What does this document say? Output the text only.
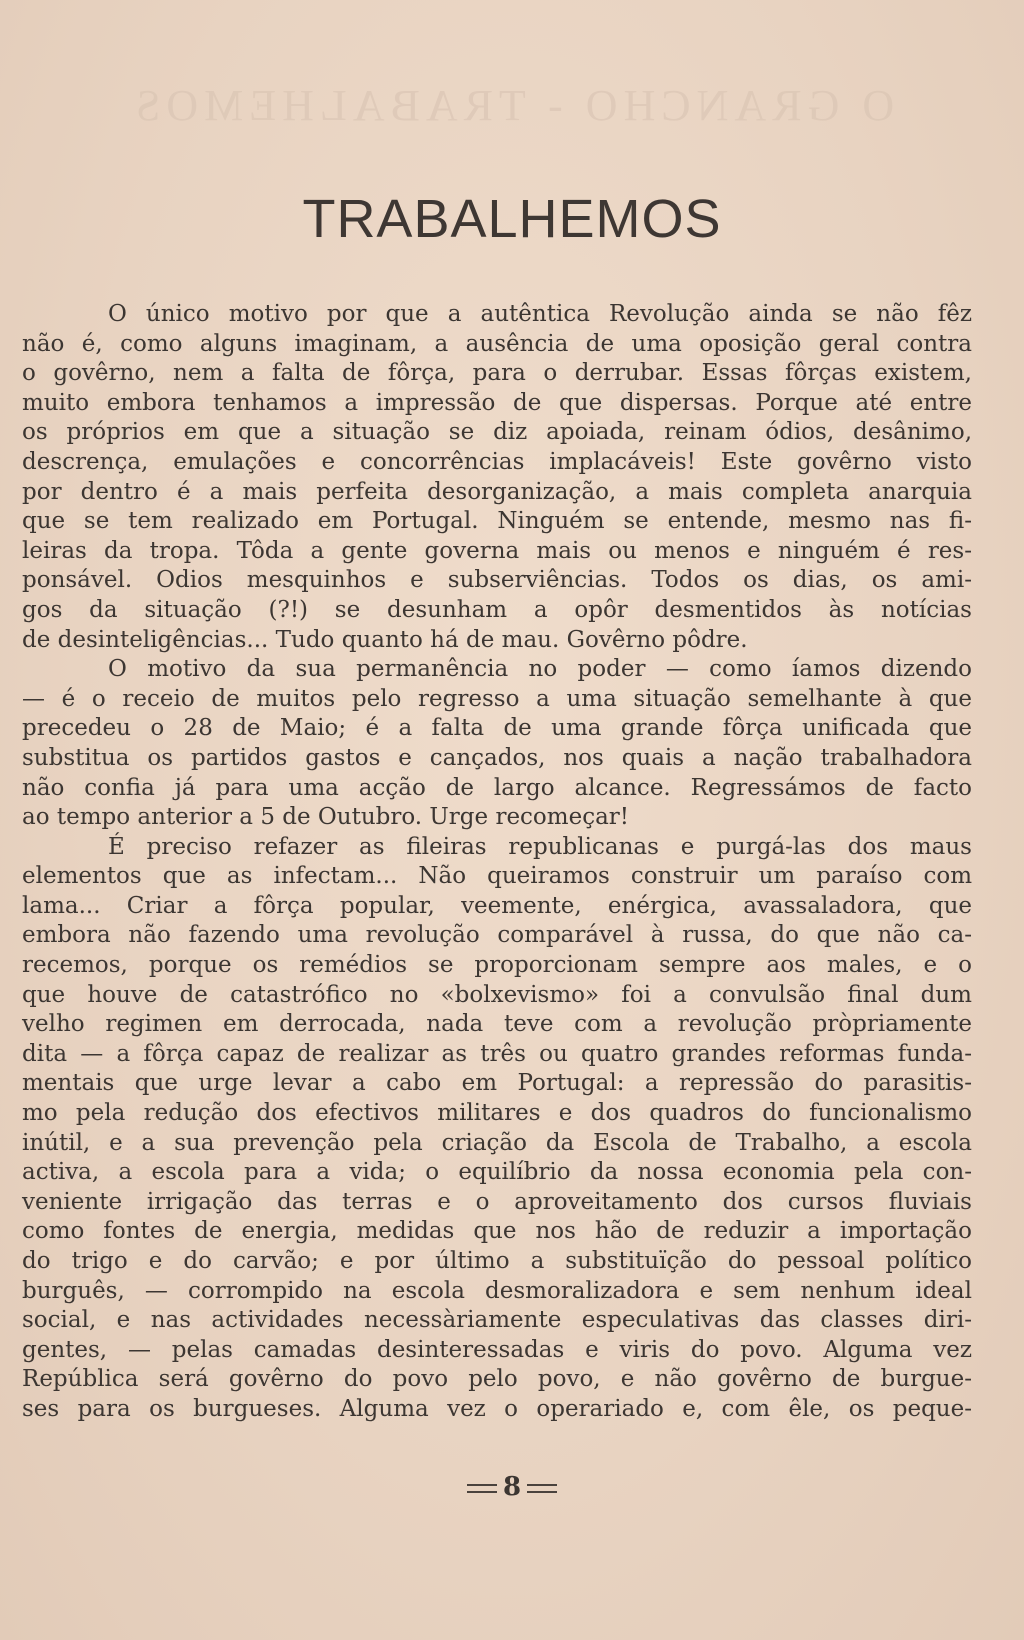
O GRANCHO - TRABALHEMOS
TRABALHEMOS
O único motivo por que a autêntica Revolução ainda se não fêz
não é, como alguns imaginam, a ausência de uma oposição geral contra
o govêrno, nem a falta de fôrça, para o derrubar. Essas fôrças existem,
muito embora tenhamos a impressão de que dispersas. Porque até entre
os próprios em que a situação se diz apoiada, reinam ódios, desânimo,
descrença, emulações e concorrências implacáveis! Este govêrno visto
por dentro é a mais perfeita desorganização, a mais completa anarquia
que se tem realizado em Portugal. Ninguém se entende, mesmo nas fi-
leiras da tropa. Tôda a gente governa mais ou menos e ninguém é res-
ponsável. Odios mesquinhos e subserviências. Todos os dias, os ami-
gos da situação (?!) se desunham a opôr desmentidos às notícias
de desinteligências... Tudo quanto há de mau. Govêrno pôdre.
O motivo da sua permanência no poder — como íamos dizendo
— é o receio de muitos pelo regresso a uma situação semelhante à que
precedeu o 28 de Maio; é a falta de uma grande fôrça unificada que
substitua os partidos gastos e cançados, nos quais a nação trabalhadora
não confia já para uma acção de largo alcance. Regressámos de facto
ao tempo anterior a 5 de Outubro. Urge recomeçar!
É preciso refazer as fileiras republicanas e purgá-las dos maus
elementos que as infectam... Não queiramos construir um paraíso com
lama... Criar a fôrça popular, veemente, enérgica, avassaladora, que
embora não fazendo uma revolução comparável à russa, do que não ca-
recemos, porque os remédios se proporcionam sempre aos males, e o
que houve de catastrófico no «bolxevismo» foi a convulsão final dum
velho regimen em derrocada, nada teve com a revolução pròpriamente
dita — a fôrça capaz de realizar as três ou quatro grandes reformas funda-
mentais que urge levar a cabo em Portugal: a repressão do parasitis-
mo pela redução dos efectivos militares e dos quadros do funcionalismo
inútil, e a sua prevenção pela criação da Escola de Trabalho, a escola
activa, a escola para a vida; o equilíbrio da nossa economia pela con-
veniente irrigação das terras e o aproveitamento dos cursos fluviais
como fontes de energia, medidas que nos hão de reduzir a importação
do trigo e do carvão; e por último a substituïção do pessoal político
burguês, — corrompido na escola desmoralizadora e sem nenhum ideal
social, e nas actividades necessàriamente especulativas das classes diri-
gentes, — pelas camadas desinteressadas e viris do povo. Alguma vez
República será govêrno do povo pelo povo, e não govêrno de burgue-
ses para os burgueses. Alguma vez o operariado e, com êle, os peque-
8
